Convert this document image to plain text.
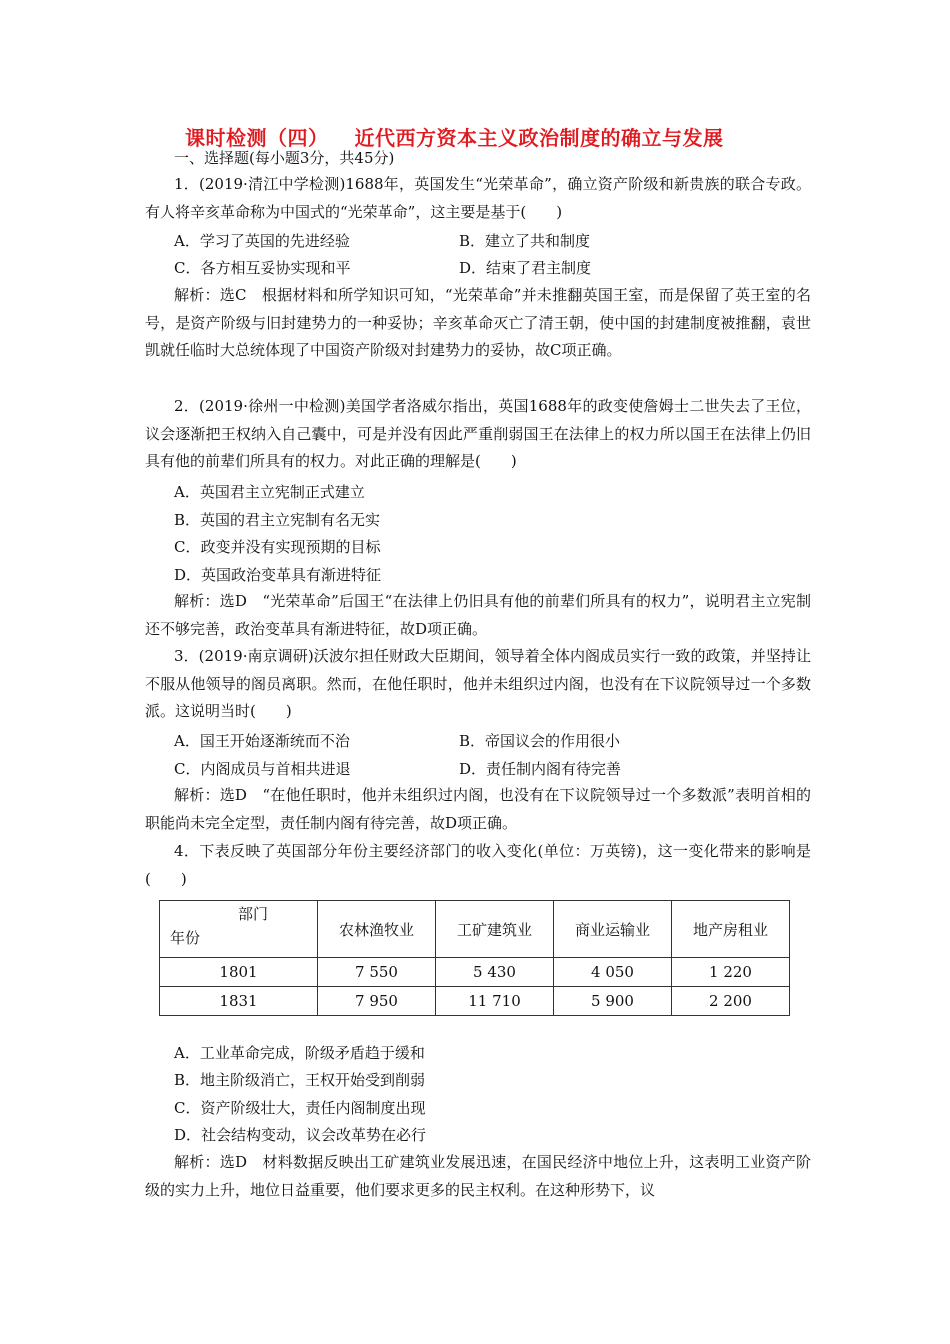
课时检测（四） 近代西方资本主义政治制度的确立与发展
一、选择题(每小题3分，共45分)
1．(2019·清江中学检测)1688年，英国发生“光荣革命”，确立资产阶级和新贵族的联合专政。有人将辛亥革命称为中国式的“光荣革命”，这主要是基于(　　)
A．学习了英国的先进经验	B．建立了共和制度
C．各方相互妥协实现和平	D．结束了君主制度
解析：选C　根据材料和所学知识可知，“光荣革命”并未推翻英国王室，而是保留了英王室的名号，是资产阶级与旧封建势力的一种妥协；辛亥革命灭亡了清王朝，使中国的封建制度被推翻，袁世凯就任临时大总统体现了中国资产阶级对封建势力的妥协，故C项正确。
2．(2019·徐州一中检测)美国学者洛威尔指出，英国1688年的政变使詹姆士二世失去了王位，议会逐渐把王权纳入自己囊中，可是并没有因此严重削弱国王在法律上的权力所以国王在法律上仍旧具有他的前辈们所具有的权力。对此正确的理解是(　　)
A．英国君主立宪制正式建立
B．英国的君主立宪制有名无实
C．政变并没有实现预期的目标
D．英国政治变革具有渐进特征
解析：选D　“光荣革命”后国王“在法律上仍旧具有他的前辈们所具有的权力”，说明君主立宪制还不够完善，政治变革具有渐进特征，故D项正确。
3．(2019·南京调研)沃波尔担任财政大臣期间，领导着全体内阁成员实行一致的政策，并坚持让不服从他领导的阁员离职。然而，在他任职时，他并未组织过内阁，也没有在下议院领导过一个多数派。这说明当时(　　)
A．国王开始逐渐统而不治	B．帝国议会的作用很小
C．内阁成员与首相共进退	D．责任制内阁有待完善
解析：选D　“在他任职时，他并未组织过内阁，也没有在下议院领导过一个多数派”表明首相的职能尚未完全定型，责任制内阁有待完善，故D项正确。
4．下表反映了英国部分年份主要经济部门的收入变化(单位：万英镑)，这一变化带来的影响是(　　)
部门
年份	农林渔牧业	工矿建筑业	商业运输业	地产房租业
1801	7 550	5 430	4 050	1 220
1831	7 950	11 710	5 900	2 200
A．工业革命完成，阶级矛盾趋于缓和
B．地主阶级消亡，王权开始受到削弱
C．资产阶级壮大，责任内阁制度出现
D．社会结构变动，议会改革势在必行
解析：选D　材料数据反映出工矿建筑业发展迅速，在国民经济中地位上升，这表明工业资产阶级的实力上升，地位日益重要，他们要求更多的民主权利。在这种形势下，议
